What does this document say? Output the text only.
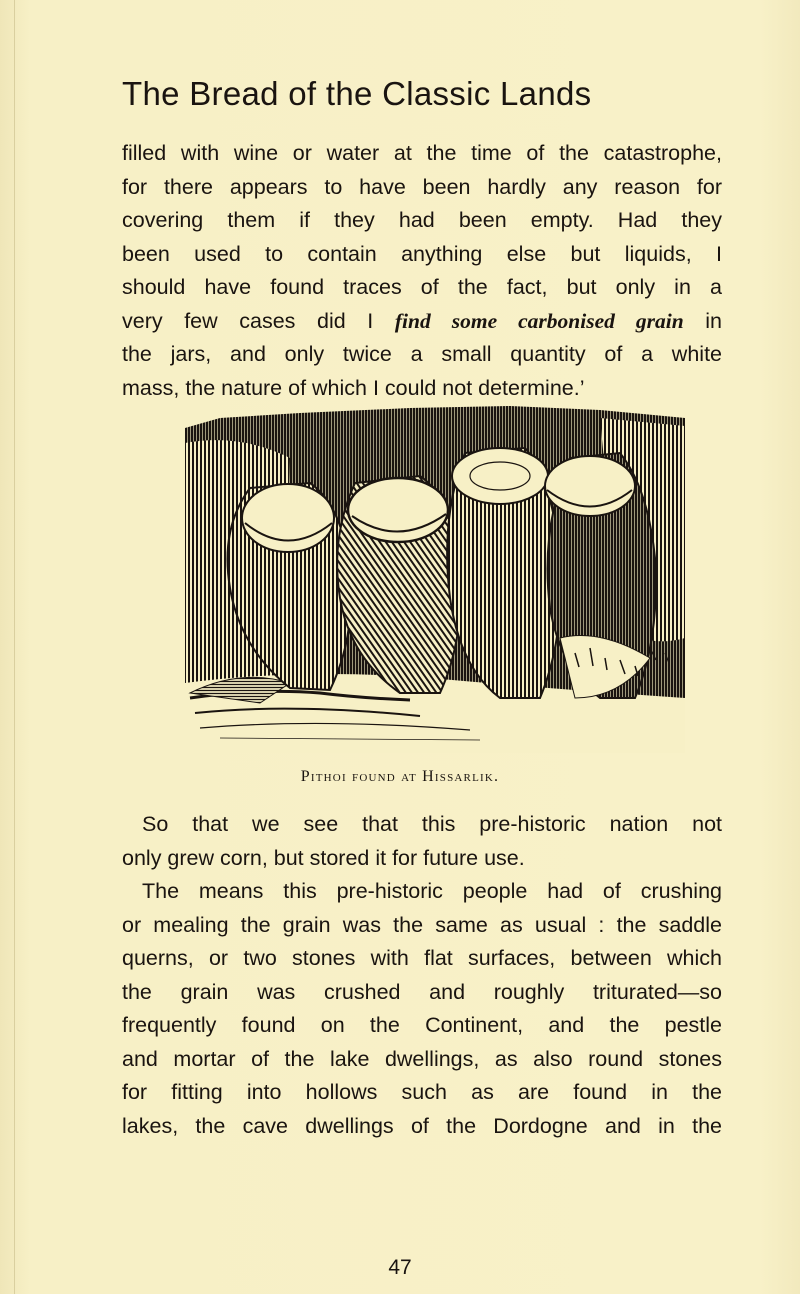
The Bread of the Classic Lands
filled with wine or water at the time of the catastrophe,
for there appears to have been hardly any reason for
covering them if they had been empty. Had they
been used to contain anything else but liquids, I
should have found traces of the fact, but only in a
very few cases did I find some carbonised grain in
the jars, and only twice a small quantity of a white
mass, the nature of which I could not determine.’
Pithoi found at Hissarlik.
So that we see that this pre-historic nation not
only grew corn, but stored it for future use.
The means this pre-historic people had of crushing
or mealing the grain was the same as usual : the saddle
querns, or two stones with flat surfaces, between which
the grain was crushed and roughly triturated—so
frequently found on the Continent, and the pestle
and mortar of the lake dwellings, as also round stones
for fitting into hollows such as are found in the
lakes, the cave dwellings of the Dordogne and in the
47
